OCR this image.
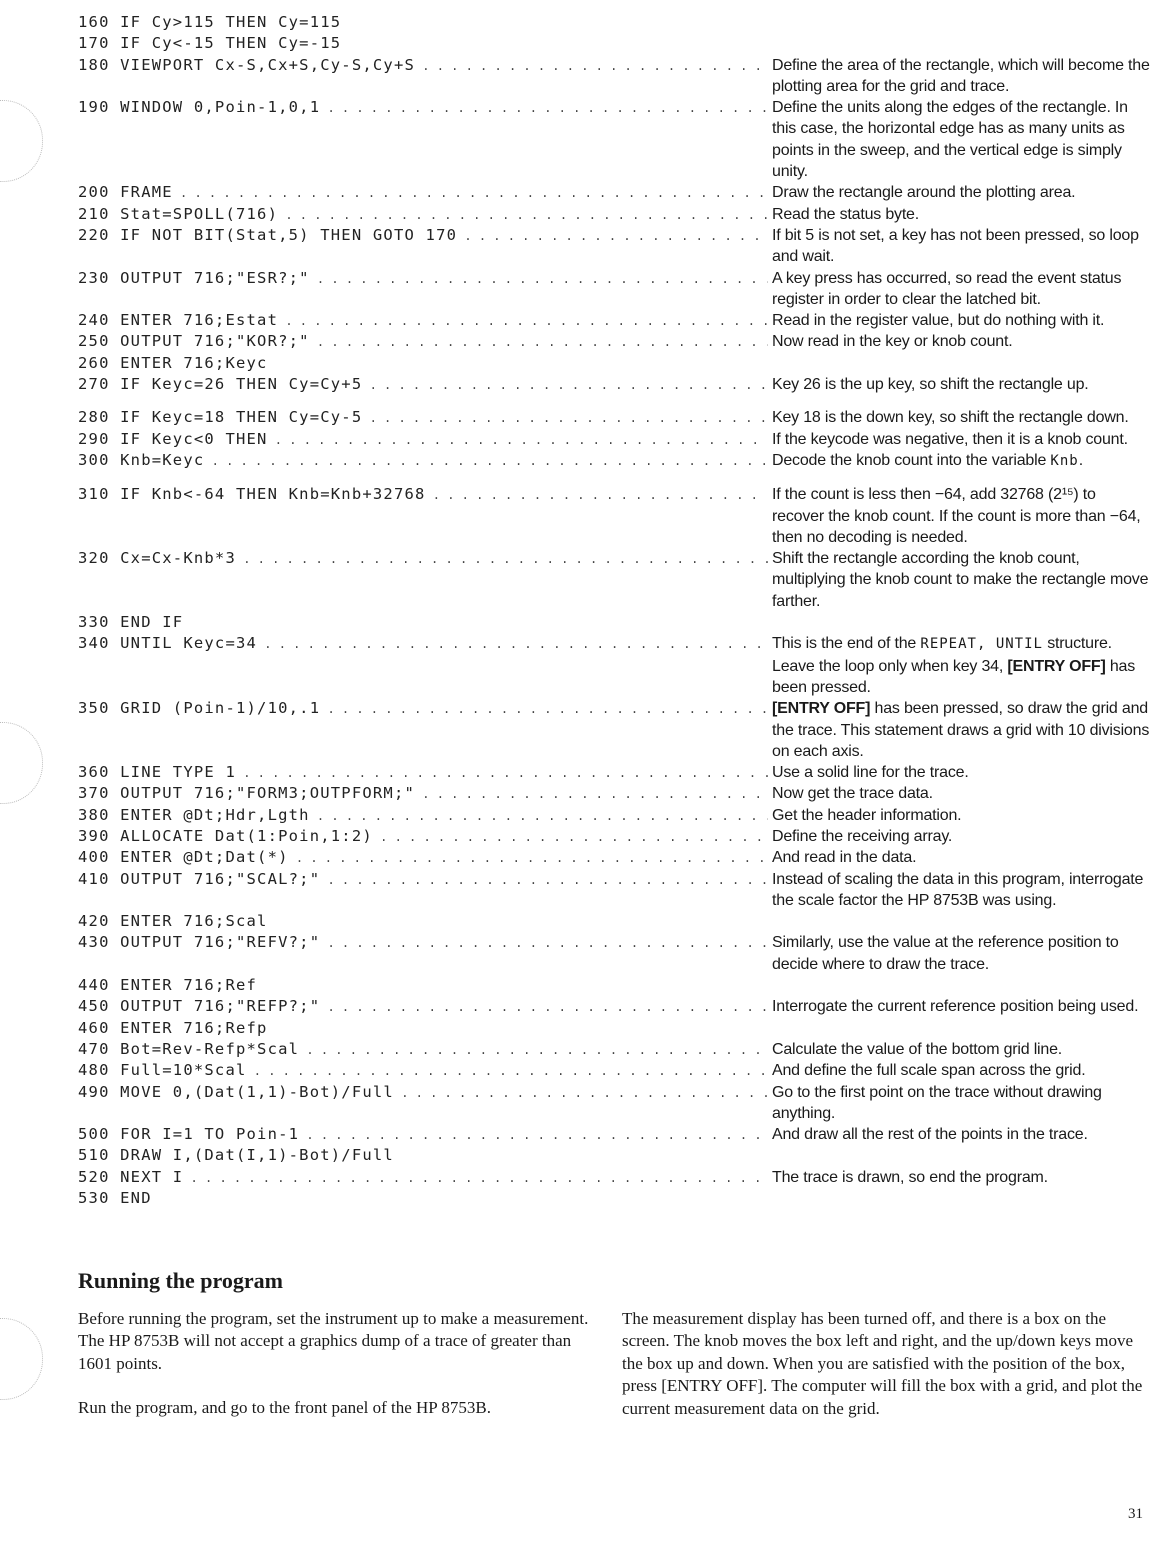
160 IF Cy>115 THEN Cy=115
170 IF Cy<-15 THEN Cy=-15
180 VIEWPORT Cx-S,Cx+S,Cy-S,Cy+S . . .	Define the area of the rectangle, which will become the plotting area for the grid and trace.
190 WINDOW 0,Poin-1,0,1 . . .	Define the units along the edges of the rectangle. In this case, the horizontal edge has as many units as points in the sweep, and the vertical edge is simply unity.
200 FRAME . . .	Draw the rectangle around the plotting area.
210 Stat=SPOLL(716) . . .	Read the status byte.
220 IF NOT BIT(Stat,5) THEN GOTO 170 . . .	If bit 5 is not set, a key has not been pressed, so loop and wait.
230 OUTPUT 716;"ESR?;" . . .	A key press has occurred, so read the event status register in order to clear the latched bit.
240 ENTER 716;Estat . . .	Read in the register value, but do nothing with it.
250 OUTPUT 716;"KOR?;" . . .	Now read in the key or knob count.
260 ENTER 716;Keyc
270 IF Keyc=26 THEN Cy=Cy+5 . . .	Key 26 is the up key, so shift the rectangle up.
280 IF Keyc=18 THEN Cy=Cy-5 . . .	Key 18 is the down key, so shift the rectangle down.
290 IF Keyc<0 THEN . . .	If the keycode was negative, then it is a knob count.
300 Knb=Keyc . . .	Decode the knob count into the variable Knb.
310 IF Knb<-64 THEN Knb=Knb+32768 . . .	If the count is less then −64, add 32768 (2¹⁵) to recover the knob count. If the count is more than −64, then no decoding is needed.
320 Cx=Cx-Knb*3 . . .	Shift the rectangle according the knob count, multiplying the knob count to make the rectangle move farther.
330 END IF
340 UNTIL Keyc=34 . . .	This is the end of the REPEAT, UNTIL structure. Leave the loop only when key 34, [ENTRY OFF] has been pressed.
350 GRID (Poin-1)/10,.1 . . .	[ENTRY OFF] has been pressed, so draw the grid and the trace. This statement draws a grid with 10 divisions on each axis.
360 LINE TYPE 1 . . .	Use a solid line for the trace.
370 OUTPUT 716;"FORM3;OUTPFORM;" . . .	Now get the trace data.
380 ENTER @Dt;Hdr,Lgth . . .	Get the header information.
390 ALLOCATE Dat(1:Poin,1:2) . . .	Define the receiving array.
400 ENTER @Dt;Dat(*) . . .	And read in the data.
410 OUTPUT 716;"SCAL?;" . . .	Instead of scaling the data in this program, interrogate the scale factor the HP 8753B was using.
420 ENTER 716;Scal
430 OUTPUT 716;"REFV?;" . . .	Similarly, use the value at the reference position to decide where to draw the trace.
440 ENTER 716;Ref
450 OUTPUT 716;"REFP?;" . . .	Interrogate the current reference position being used.
460 ENTER 716;Refp
470 Bot=Rev-Refp*Scal . . .	Calculate the value of the bottom grid line.
480 Full=10*Scal . . .	And define the full scale span across the grid.
490 MOVE 0,(Dat(1,1)-Bot)/Full . . .	Go to the first point on the trace without drawing anything.
500 FOR I=1 TO Poin-1 . . .	And draw all the rest of the points in the trace.
510 DRAW I,(Dat(I,1)-Bot)/Full
520 NEXT I . . .	The trace is drawn, so end the program.
530 END
Running the program

Before running the program, set the instrument up to make a measurement. The HP 8753B will not accept a graphics dump of a trace of greater than 1601 points.

Run the program, and go to the front panel of the HP 8753B.

The measurement display has been turned off, and there is a box on the screen. The knob moves the box left and right, and the up/down keys move the box up and down. When you are satisfied with the position of the box, press [ENTRY OFF]. The computer will fill the box with a grid, and plot the current measurement data on the grid.

31
